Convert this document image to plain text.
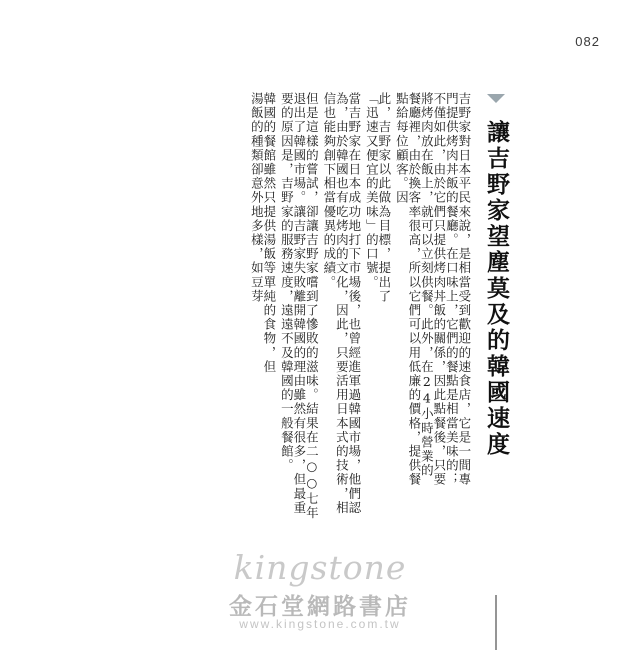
082
讓吉野家望塵莫及的韓國速度
吉野家對日本平民來說，是相當受到歡迎的速食店，它是一間專門提供烤肉丼飯的餐廳。在口味上，它們的餐點是相當美味的；不僅如此，由於它們只提供烤肉丼飯的關係，因此點餐後，只要將烤肉放在飯上，就可以立刻供餐。此外，在24小時營業的餐廳裡，由於換客率很高，所以它們可以用低廉的價格，提供餐點給每位顧客。因
此，吉野家以此做為目標，提出了「迅速又便宜的美味」的口號。
當吉野家在日本成功地打下市場後，也曾經進軍過韓國市場，他們認為，由於韓國也有吃烤肉的文化，因此，只要活用日本式的技術，相信也能夠創下相當優異的成績。
但是這樣的嘗試，卻讓吉野家嚐到了慘敗的滋味。結果在二○○七年退出了韓國市場。讓吉野家失敗離開韓國的理由雖然有很多，但最重要的原因是，吉野家的服務速度，遠遠不及韓國的一般餐館。
韓國的餐館雖然只提供湯飯等單純的食物，但湯飯的種類卻意外地多樣，如豆芽
kingstone
金石堂網路書店
www.kingstone.com.tw
